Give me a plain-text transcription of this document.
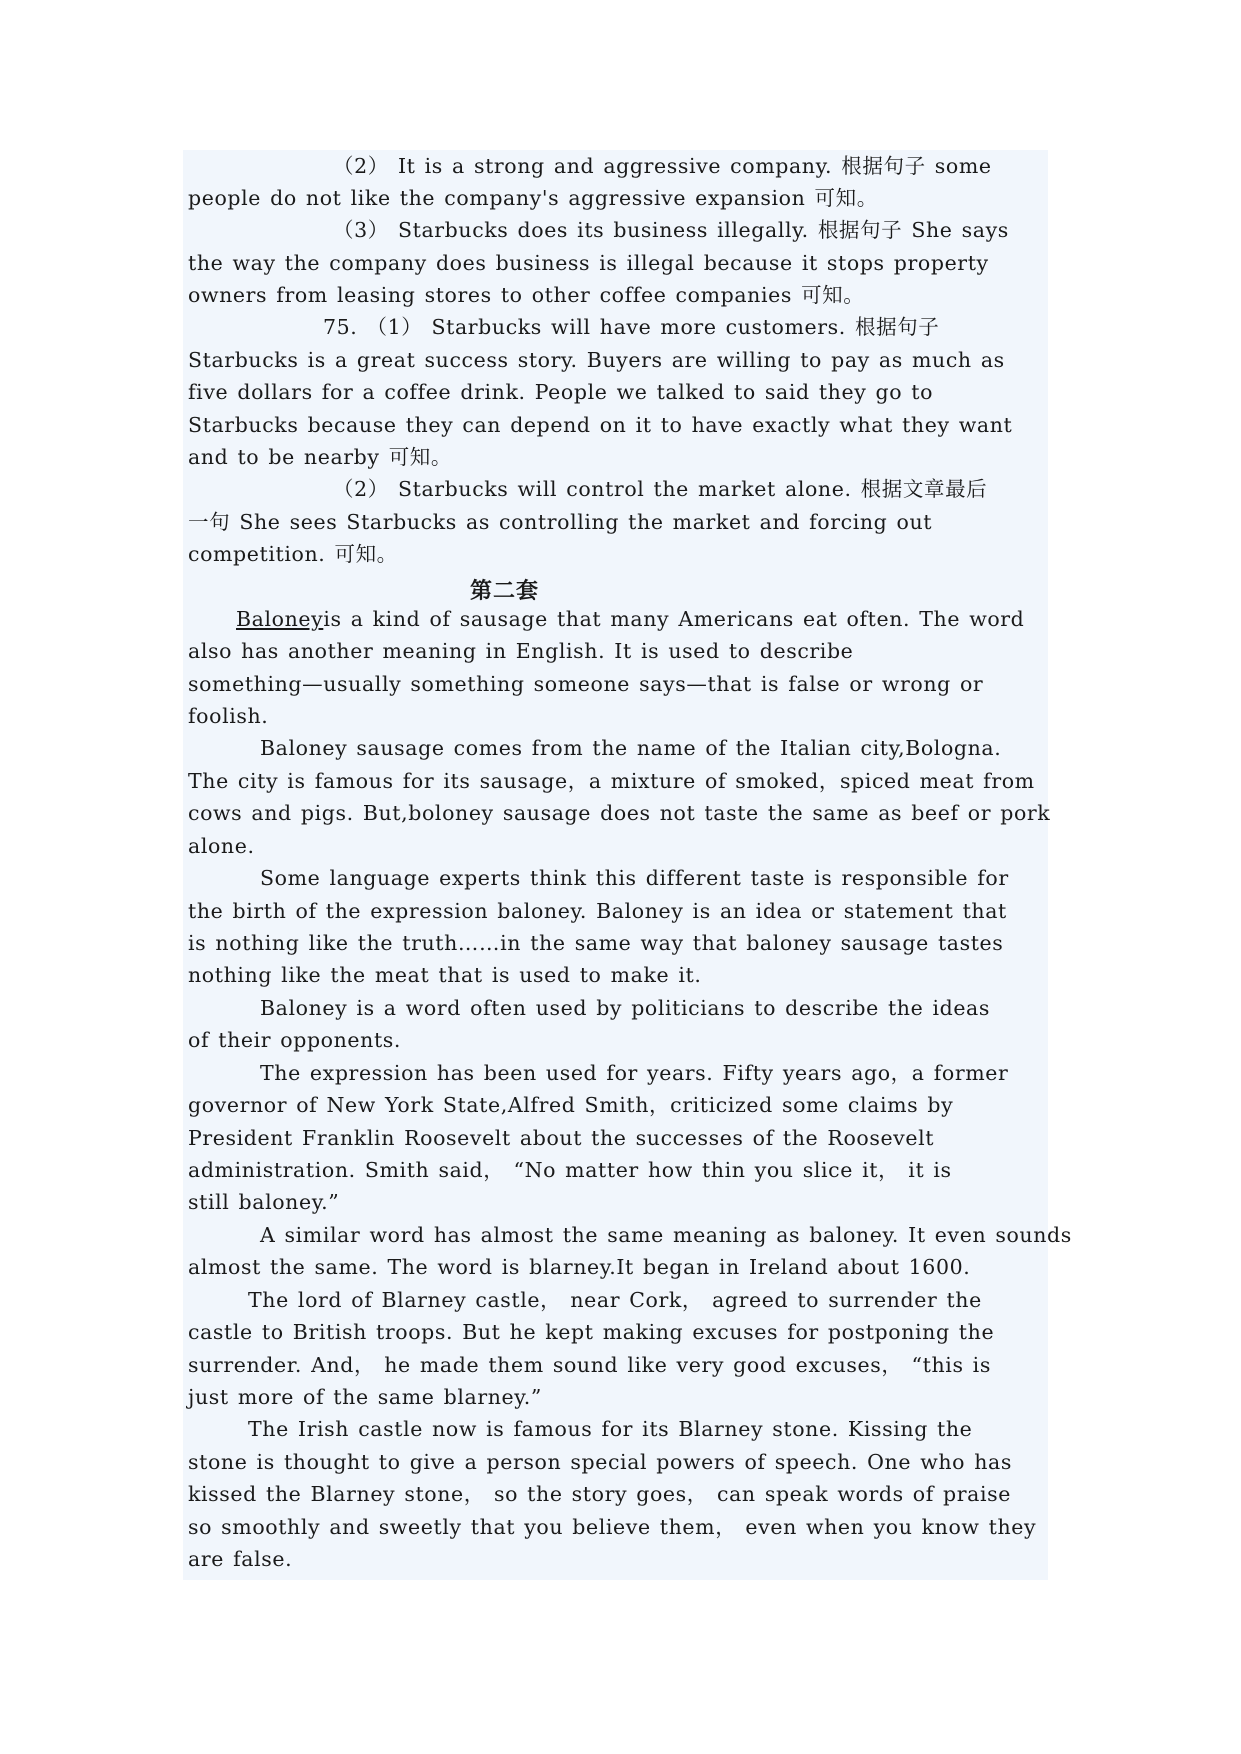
（2） It is a strong and aggressive company. 根据句子 some
people do not like the company's aggressive expansion 可知。
（3） Starbucks does its business illegally. 根据句子 She says
the way the company does business is illegal because it stops property
owners from leasing stores to other coffee companies 可知。
75. （1） Starbucks will have more customers. 根据句子
Starbucks is a great success story. Buyers are willing to pay as much as
five dollars for a coffee drink. People we talked to said they go to
Starbucks because they can depend on it to have exactly what they want
and to be nearby 可知。
（2） Starbucks will control the market alone. 根据文章最后
一句 She sees Starbucks as controlling the market and forcing out
competition. 可知。
第二套
Baloneyis a kind of sausage that many Americans eat often. The word
also has another meaning in English. It is used to describe
something—usually something someone says—that is false or wrong or
foolish.
Baloney sausage comes from the name of the Italian city,Bologna.
The city is famous for its sausage，a mixture of smoked，spiced meat from
cows and pigs. But,boloney sausage does not taste the same as beef or pork
alone.
Some language experts think this different taste is responsible for
the birth of the expression baloney. Baloney is an idea or statement that
is nothing like the truth……in the same way that baloney sausage tastes
nothing like the meat that is used to make it.
Baloney is a word often used by politicians to describe the ideas
of their opponents.
The expression has been used for years. Fifty years ago，a former
governor of New York State,Alfred Smith，criticized some claims by
President Franklin Roosevelt about the successes of the Roosevelt
administration. Smith said， “No matter how thin you slice it， it is
still baloney.”
A similar word has almost the same meaning as baloney. It even sounds
almost the same. The word is blarney.It began in Ireland about 1600.
The lord of Blarney castle， near Cork， agreed to surrender the
castle to British troops. But he kept making excuses for postponing the
surrender. And， he made them sound like very good excuses， “this is
just more of the same blarney.”
The Irish castle now is famous for its Blarney stone. Kissing the
stone is thought to give a person special powers of speech. One who has
kissed the Blarney stone， so the story goes， can speak words of praise
so smoothly and sweetly that you believe them， even when you know they
are false.
